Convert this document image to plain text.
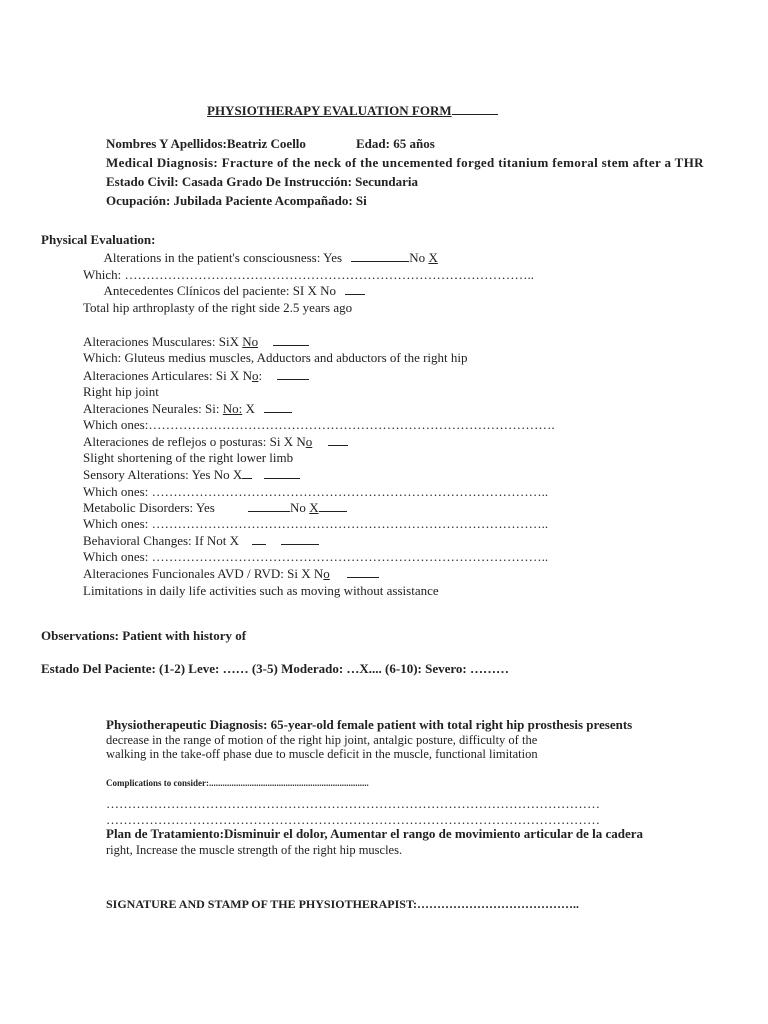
PHYSIOTHERAPY EVALUATION FORM
Nombres Y Apellidos:Beatriz Coello	Edad: 65 años
Medical Diagnosis: Fracture of the neck of the uncemented forged titanium femoral stem after a THR
Estado Civil: Casada Grado De Instrucción: Secundaria
Ocupación: Jubilada Paciente Acompañado: Si
Physical Evaluation:
Alterations in the patient's consciousness: Yes	No X
Which: …………………………………………………………………………………..
Antecedentes Clínicos del paciente: SI X No
Total hip arthroplasty of the right side 2.5 years ago
Alteraciones Musculares: SiX No
Which: Gluteus medius muscles, Adductors and abductors of the right hip
Alteraciones Articulares: Si X No:
Right hip joint
Alteraciones Neurales: Si: No: X
Which ones:………………………………………………………………………………….
Alteraciones de reflejos o posturas: Si X No
Slight shortening of the right lower limb
Sensory Alterations: Yes No X
Which ones: ………………………………………………………………………………..
Metabolic Disorders: Yes	No X
Which ones: ………………………………………………………………………………..
Behavioral Changes: If Not X
Which ones: ………………………………………………………………………………..
Alteraciones Funcionales AVD / RVD: Si X No
Limitations in daily life activities such as moving without assistance
Observations: Patient with history of
Estado Del Paciente: (1-2) Leve: …… (3-5) Moderado: …X.... (6-10): Severo: ………
Physiotherapeutic Diagnosis: 65-year-old female patient with total right hip prosthesis presents
decrease in the range of motion of the right hip joint, antalgic posture, difficulty of the
walking in the take-off phase due to muscle deficit in the muscle, functional limitation
Complications to consider:.......................................................................
……………………………………………………………………………………………………
……………………………………………………………………………………………………
Plan de Tratamiento:Disminuir el dolor, Aumentar el rango de movimiento articular de la cadera
right, Increase the muscle strength of the right hip muscles.
SIGNATURE AND STAMP OF THE PHYSIOTHERAPIST:…………………………………..
